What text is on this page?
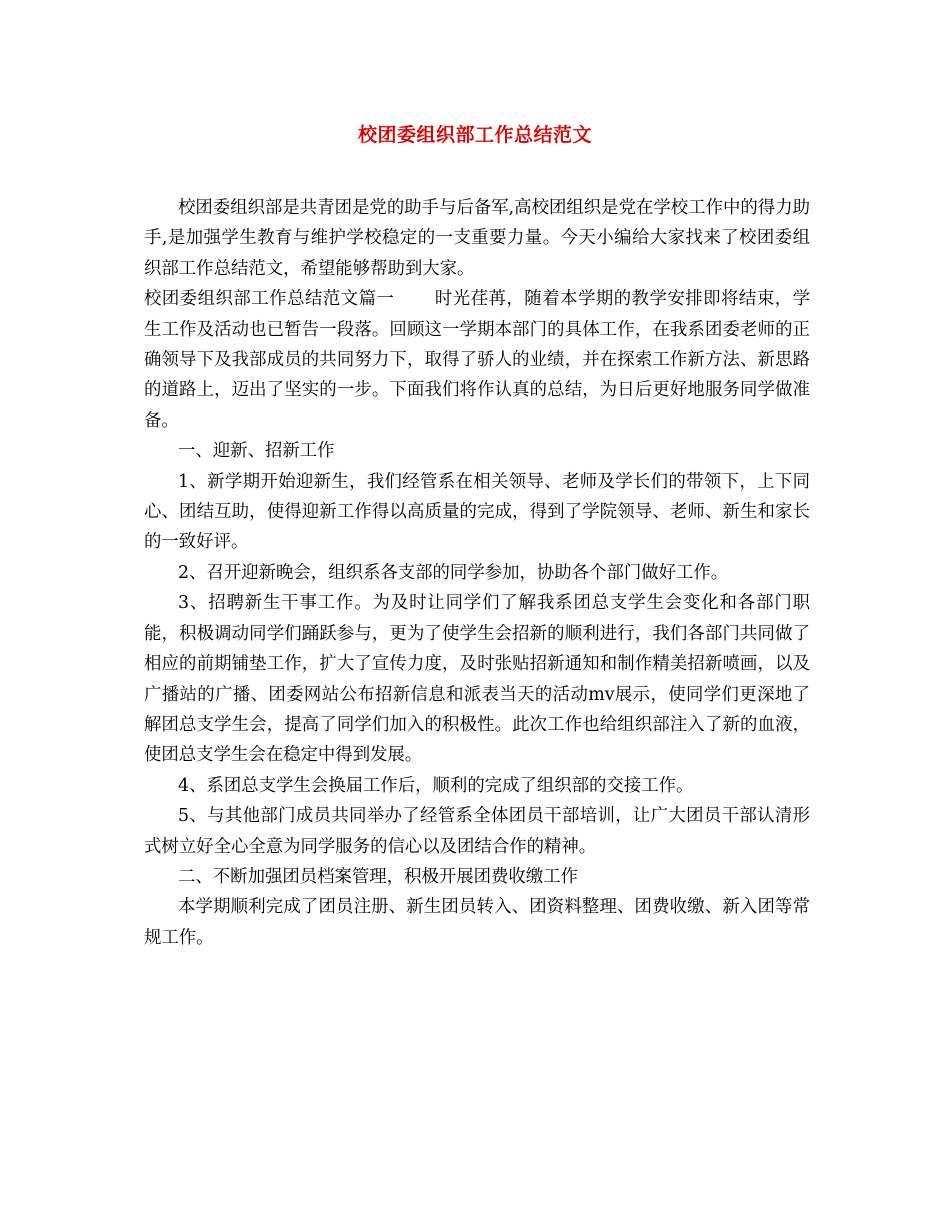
校团委组织部工作总结范文

校团委组织部是共青团是党的助手与后备军,高校团组织是党在学校工作中的得力助手,是加强学生教育与维护学校稳定的一支重要力量。今天小编给大家找来了校团委组织部工作总结范文，希望能够帮助到大家。

校团委组织部工作总结范文篇一 时光荏苒，随着本学期的教学安排即将结束，学生工作及活动也已暂告一段落。回顾这一学期本部门的具体工作，在我系团委老师的正确领导下及我部成员的共同努力下，取得了骄人的业绩，并在探索工作新方法、新思路的道路上，迈出了坚实的一步。下面我们将作认真的总结，为日后更好地服务同学做准备。

一、迎新、招新工作

1、新学期开始迎新生，我们经管系在相关领导、老师及学长们的带领下，上下同心、团结互助，使得迎新工作得以高质量的完成，得到了学院领导、老师、新生和家长的一致好评。

2、召开迎新晚会，组织系各支部的同学参加，协助各个部门做好工作。

3、招聘新生干事工作。为及时让同学们了解我系团总支学生会变化和各部门职能，积极调动同学们踊跃参与，更为了使学生会招新的顺利进行，我们各部门共同做了相应的前期铺垫工作，扩大了宣传力度，及时张贴招新通知和制作精美招新喷画，以及广播站的广播、团委网站公布招新信息和派表当天的活动mv展示，使同学们更深地了解团总支学生会，提高了同学们加入的积极性。此次工作也给组织部注入了新的血液，使团总支学生会在稳定中得到发展。

4、系团总支学生会换届工作后，顺利的完成了组织部的交接工作。

5、与其他部门成员共同举办了经管系全体团员干部培训，让广大团员干部认清形式树立好全心全意为同学服务的信心以及团结合作的精神。

二、不断加强团员档案管理，积极开展团费收缴工作

本学期顺利完成了团员注册、新生团员转入、团资料整理、团费收缴、新入团等常规工作。
